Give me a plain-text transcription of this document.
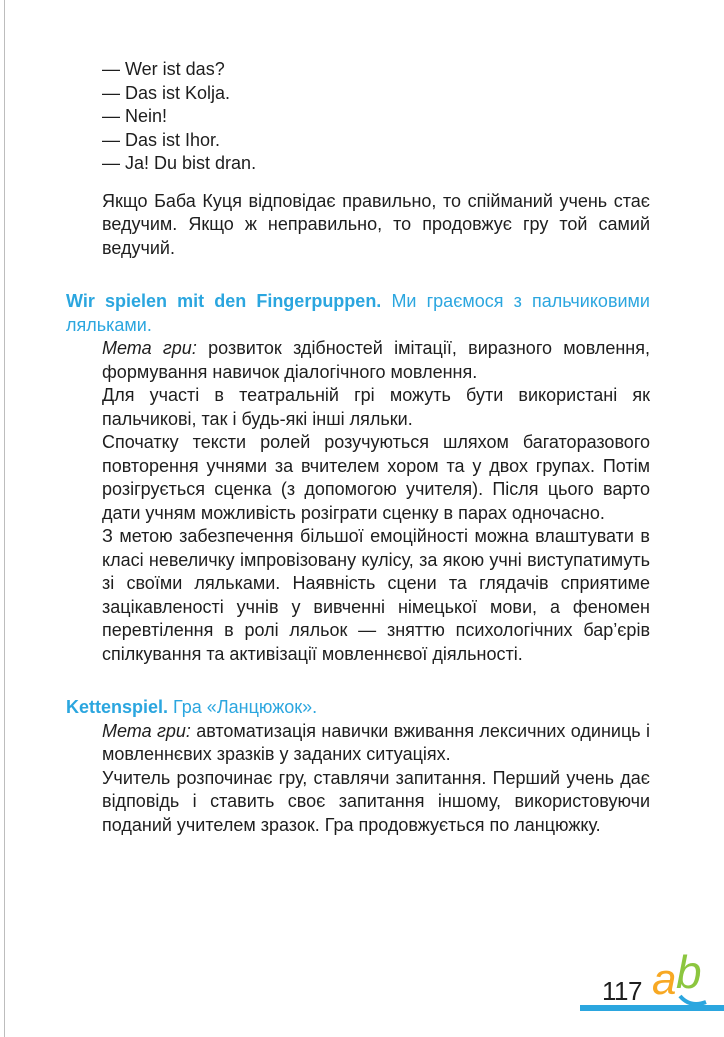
— Wer ist das?

— Das ist Kolja.

— Nein!

— Das ist Ihor.

— Ja! Du bist dran.

Якщо Баба Куця відповідає правильно, то спійманий учень стає ведучим. Якщо ж неправильно, то продовжує гру той самий ведучий.

Wir spielen mit den Fingerpuppen. Ми граємося з пальчиковими ляльками.

Мета гри: розвиток здібностей імітації, виразного мовлення, формування навичок діалогічного мовлення.

Для участі в театральній грі можуть бути використані як пальчикові, так і будь-які інші ляльки.

Спочатку тексти ролей розучуються шляхом багаторазового повторення учнями за вчителем хором та у двох групах. Потім розігрується сценка (з допомогою учителя). Після цього варто дати учням можливість розіграти сценку в парах одночасно.

З метою забезпечення більшої емоційності можна влаштувати в класі невеличку імпровізовану кулісу, за якою учні виступатимуть зі своїми ляльками. Наявність сцени та глядачів сприятиме зацікавленості учнів у вивченні німецької мови, а феномен перевтілення в ролі ляльок — зняттю психологічних бар’єрів спілкування та активізації мовленнєвої діяльності.

Kettenspiel. Гра «Ланцюжок».

Мета гри: автоматизація навички вживання лексичних одиниць і мовленнєвих зразків у заданих ситуаціях.

Учитель розпочинає гру, ставлячи запитання. Перший учень дає відповідь і ставить своє запитання іншому, використовуючи поданий учителем зразок. Гра продовжується по ланцюжку.

117 a b
